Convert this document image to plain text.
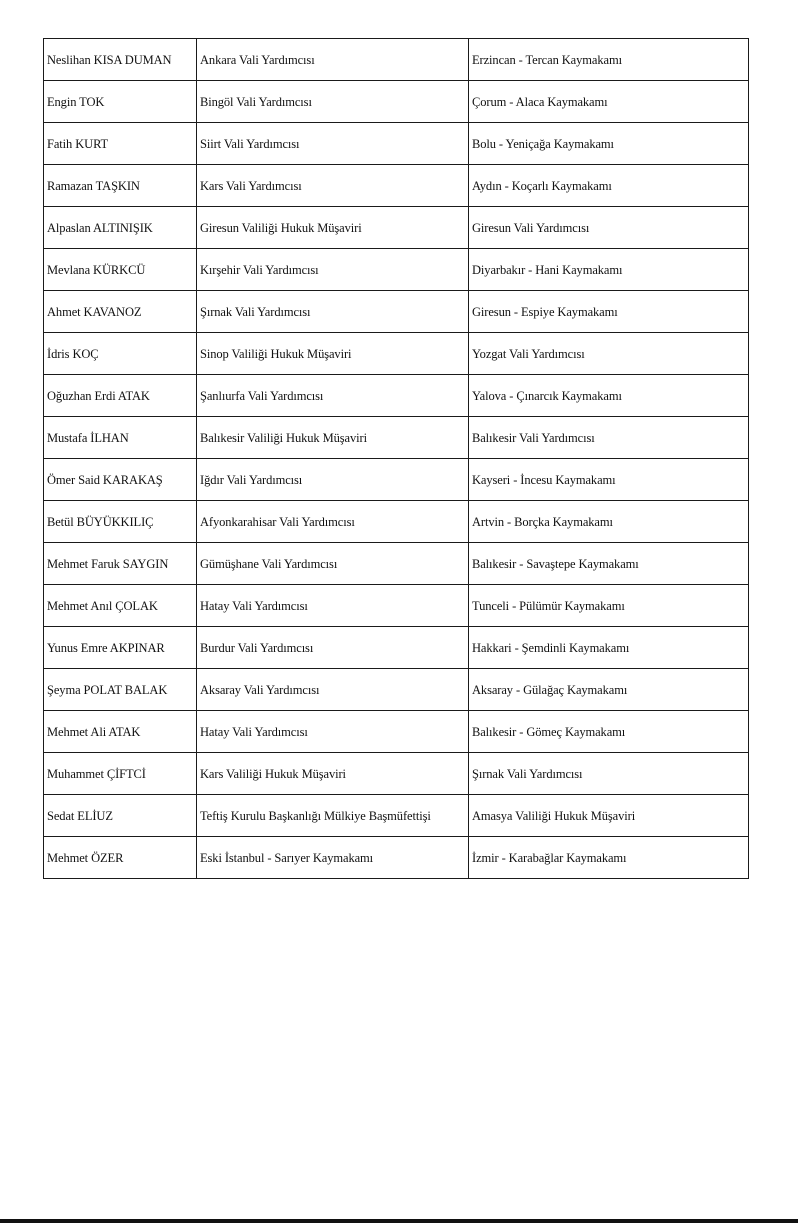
Neslihan KISA DUMAN	Ankara Vali Yardımcısı	Erzincan - Tercan Kaymakamı
Engin TOK	Bingöl Vali Yardımcısı	Çorum - Alaca Kaymakamı
Fatih KURT	Siirt Vali Yardımcısı	Bolu - Yeniçağa Kaymakamı
Ramazan TAŞKIN	Kars Vali Yardımcısı	Aydın - Koçarlı Kaymakamı
Alpaslan ALTINIŞIK	Giresun Valiliği Hukuk Müşaviri	Giresun Vali Yardımcısı
Mevlana KÜRKCÜ	Kırşehir Vali Yardımcısı	Diyarbakır - Hani Kaymakamı
Ahmet KAVANOZ	Şırnak Vali Yardımcısı	Giresun - Espiye Kaymakamı
İdris KOÇ	Sinop Valiliği Hukuk Müşaviri	Yozgat Vali Yardımcısı
Oğuzhan Erdi ATAK	Şanlıurfa Vali Yardımcısı	Yalova - Çınarcık Kaymakamı
Mustafa İLHAN	Balıkesir Valiliği Hukuk Müşaviri	Balıkesir Vali Yardımcısı
Ömer Said KARAKAŞ	Iğdır Vali Yardımcısı	Kayseri - İncesu Kaymakamı
Betül BÜYÜKKILIÇ	Afyonkarahisar Vali Yardımcısı	Artvin - Borçka Kaymakamı
Mehmet Faruk SAYGIN	Gümüşhane Vali Yardımcısı	Balıkesir - Savaştepe Kaymakamı
Mehmet Anıl ÇOLAK	Hatay Vali Yardımcısı	Tunceli - Pülümür Kaymakamı
Yunus Emre AKPINAR	Burdur Vali Yardımcısı	Hakkari - Şemdinli Kaymakamı
Şeyma POLAT BALAK	Aksaray Vali Yardımcısı	Aksaray - Gülağaç Kaymakamı
Mehmet Ali ATAK	Hatay Vali Yardımcısı	Balıkesir - Gömeç Kaymakamı
Muhammet ÇİFTCİ	Kars Valiliği Hukuk Müşaviri	Şırnak Vali Yardımcısı
Sedat ELİUZ	Teftiş Kurulu Başkanlığı Mülkiye Başmüfettişi	Amasya Valiliği Hukuk Müşaviri
Mehmet ÖZER	Eski İstanbul - Sarıyer Kaymakamı	İzmir - Karabağlar Kaymakamı
